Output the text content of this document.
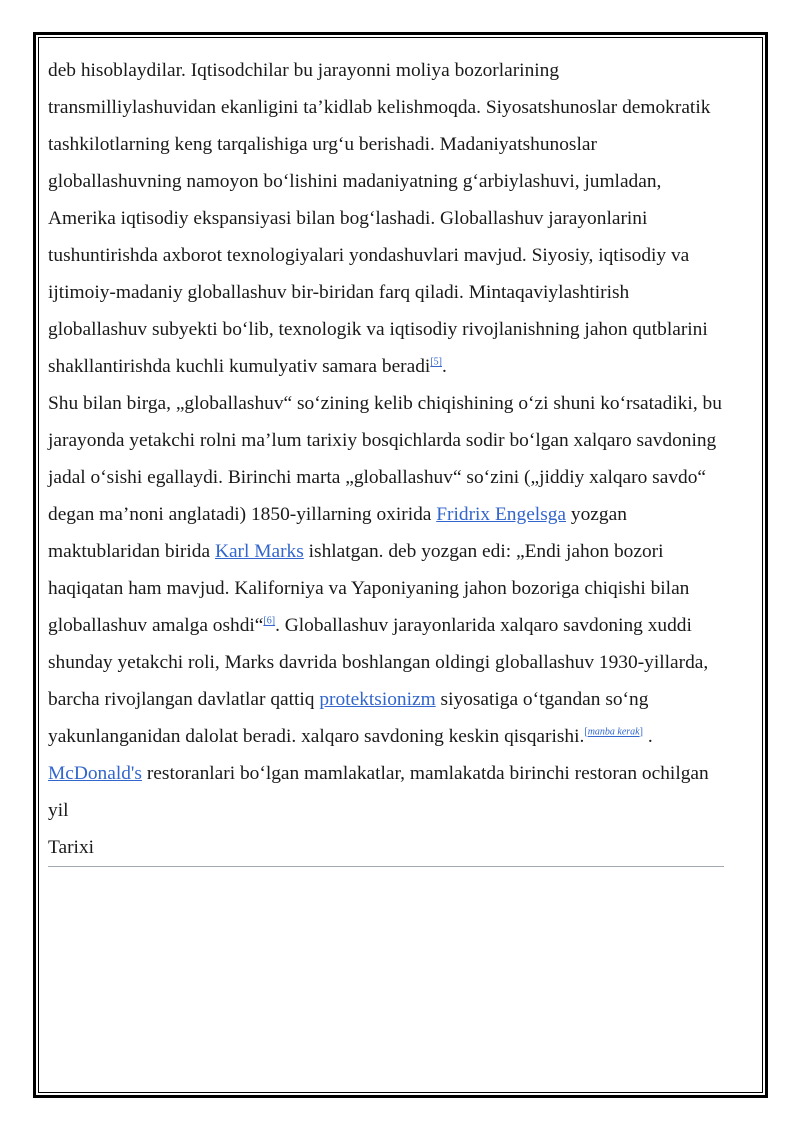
deb hisoblaydilar. Iqtisodchilar bu jarayonni moliya bozorlarining transmilliylashuvidan ekanligini ta’kidlab kelishmoqda. Siyosatshunoslar demokratik tashkilotlarning keng tarqalishiga urg‘u berishadi. Madaniyatshunoslar globallashuvning namoyon bo‘lishini madaniyatning g‘arbiylashuvi, jumladan, Amerika iqtisodiy ekspansiyasi bilan bog‘lashadi. Globallashuv jarayonlarini tushuntirishda axborot texnologiyalari yondashuvlari mavjud. Siyosiy, iqtisodiy va ijtimoiy-madaniy globallashuv bir-biridan farq qiladi. Mintaqaviylashtirish globallashuv subyekti bo‘lib, texnologik va iqtisodiy rivojlanishning jahon qutblarini shakllantirishda kuchli kumulyativ samara beradi[5].

Shu bilan birga, „globallashuv“ so‘zining kelib chiqishining o‘zi shuni ko‘rsatadiki, bu jarayonda yetakchi rolni ma’lum tarixiy bosqichlarda sodir bo‘lgan xalqaro savdoning jadal o‘sishi egallaydi. Birinchi marta „globallashuv“ so‘zini („jiddiy xalqaro savdo“ degan ma’noni anglatadi) 1850-yillarning oxirida Fridrix Engelsga yozgan maktublaridan birida Karl Marks ishlatgan. deb yozgan edi: „Endi jahon bozori haqiqatan ham mavjud. Kaliforniya va Yaponiyaning jahon bozoriga chiqishi bilan globallashuv amalga oshdi“[6]. Globallashuv jarayonlarida xalqaro savdoning xuddi shunday yetakchi roli, Marks davrida boshlangan oldingi globallashuv 1930-yillarda, barcha rivojlangan davlatlar qattiq protektsionizm siyosatiga o‘tgandan so‘ng yakunlanganidan dalolat beradi. xalqaro savdoning keskin qisqarishi.[manba kerak] .

McDonald's restoranlari bo‘lgan mamlakatlar, mamlakatda birinchi restoran ochilgan yil

Tarixi
